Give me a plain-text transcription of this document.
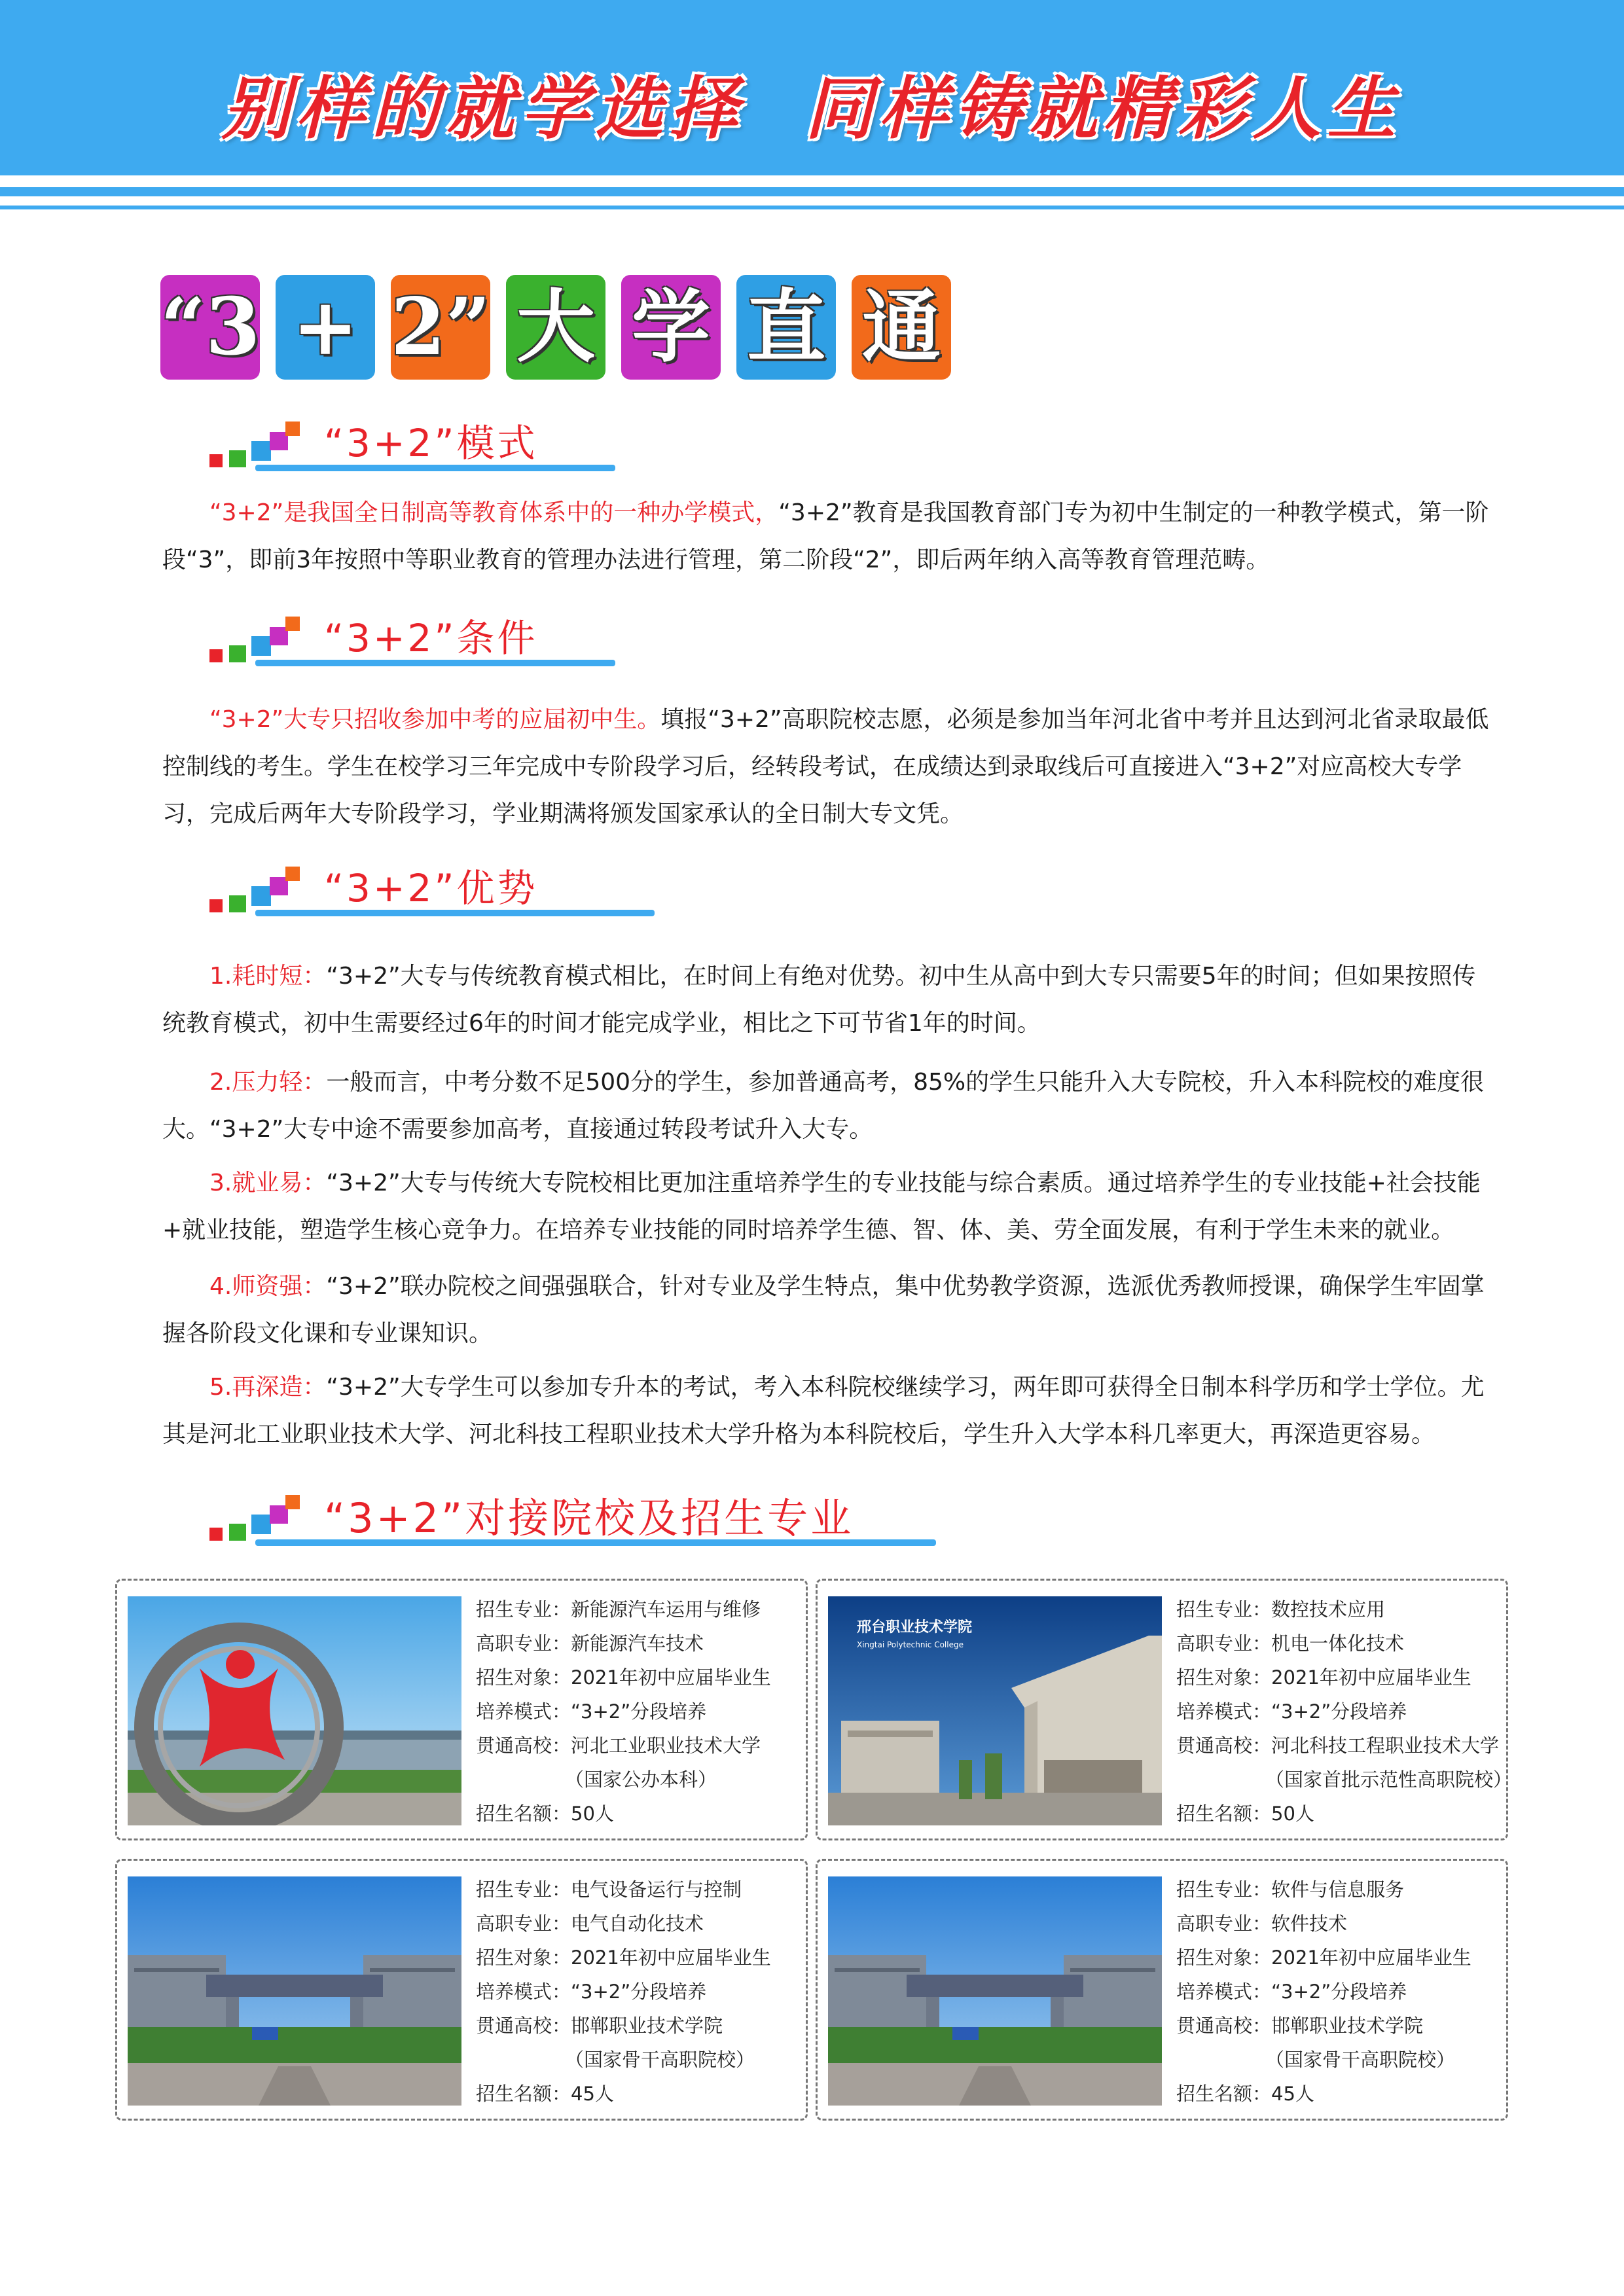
别样的就学选择  同样铸就精彩人生
“3 + 2” 大 学 直 通
“3+2”模式
“3+2”是我国全日制高等教育体系中的一种办学模式，“3+2”教育是我国教育部门专为初中生制定的一种教学模式，第一阶段“3”，即前3年按照中等职业教育的管理办法进行管理，第二阶段“2”，即后两年纳入高等教育管理范畴。
“3+2”条件
“3+2”大专只招收参加中考的应届初中生。填报“3+2”高职院校志愿，必须是参加当年河北省中考并且达到河北省录取最低控制线的考生。学生在校学习三年完成中专阶段学习后，经转段考试，在成绩达到录取线后可直接进入“3+2”对应高校大专学习，完成后两年大专阶段学习，学业期满将颁发国家承认的全日制大专文凭。
“3+2”优势
1.耗时短：“3+2”大专与传统教育模式相比，在时间上有绝对优势。初中生从高中到大专只需要5年的时间；但如果按照传统教育模式，初中生需要经过6年的时间才能完成学业，相比之下可节省1年的时间。
2.压力轻：一般而言，中考分数不足500分的学生，参加普通高考，85%的学生只能升入大专院校，升入本科院校的难度很大。“3+2”大专中途不需要参加高考，直接通过转段考试升入大专。
3.就业易：“3+2”大专与传统大专院校相比更加注重培养学生的专业技能与综合素质。通过培养学生的专业技能+社会技能+就业技能，塑造学生核心竞争力。在培养专业技能的同时培养学生德、智、体、美、劳全面发展，有利于学生未来的就业。
4.师资强：“3+2”联办院校之间强强联合，针对专业及学生特点，集中优势教学资源，选派优秀教师授课，确保学生牢固掌握各阶段文化课和专业课知识。
5.再深造：“3+2”大专学生可以参加专升本的考试，考入本科院校继续学习，两年即可获得全日制本科学历和学士学位。尤其是河北工业职业技术大学、河北科技工程职业技术大学升格为本科院校后，学生升入大学本科几率更大，再深造更容易。
“3+2”对接院校及招生专业
招生专业：新能源汽车运用与维修
高职专业：新能源汽车技术
招生对象：2021年初中应届毕业生
培养模式：“3+2”分段培养
贯通高校：河北工业职业技术大学
（国家公办本科）
招生名额：50人
邢台职业技术学院
Xingtai Polytechnic College
招生专业：数控技术应用
高职专业：机电一体化技术
招生对象：2021年初中应届毕业生
培养模式：“3+2”分段培养
贯通高校：河北科技工程职业技术大学
（国家首批示范性高职院校）
招生名额：50人
招生专业：电气设备运行与控制
高职专业：电气自动化技术
招生对象：2021年初中应届毕业生
培养模式：“3+2”分段培养
贯通高校：邯郸职业技术学院
（国家骨干高职院校）
招生名额：45人
招生专业：软件与信息服务
高职专业：软件技术
招生对象：2021年初中应届毕业生
培养模式：“3+2”分段培养
贯通高校：邯郸职业技术学院
（国家骨干高职院校）
招生名额：45人
